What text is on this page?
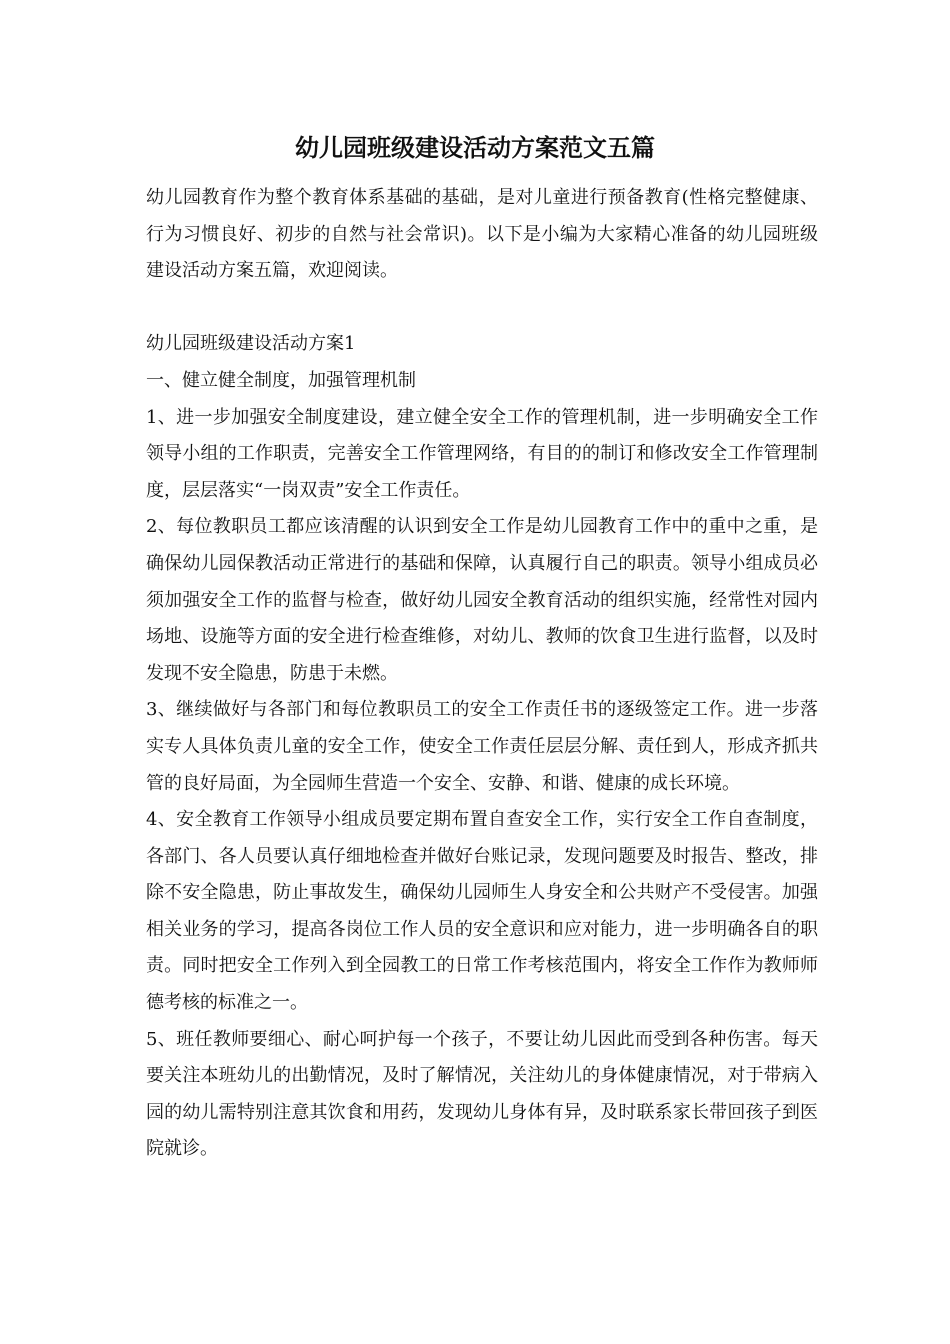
幼儿园班级建设活动方案范文五篇

幼儿园教育作为整个教育体系基础的基础，是对儿童进行预备教育(性格完整健康、行为习惯良好、初步的自然与社会常识)。以下是小编为大家精心准备的幼儿园班级建设活动方案五篇，欢迎阅读。

幼儿园班级建设活动方案1

一、健立健全制度，加强管理机制

1、进一步加强安全制度建设，建立健全安全工作的管理机制，进一步明确安全工作领导小组的工作职责，完善安全工作管理网络，有目的的制订和修改安全工作管理制度，层层落实“一岗双责”安全工作责任。

2、每位教职员工都应该清醒的认识到安全工作是幼儿园教育工作中的重中之重，是确保幼儿园保教活动正常进行的基础和保障，认真履行自己的职责。领导小组成员必须加强安全工作的监督与检查，做好幼儿园安全教育活动的组织实施，经常性对园内场地、设施等方面的安全进行检查维修，对幼儿、教师的饮食卫生进行监督，以及时发现不安全隐患，防患于未燃。

3、继续做好与各部门和每位教职员工的安全工作责任书的逐级签定工作。进一步落实专人具体负责儿童的安全工作，使安全工作责任层层分解、责任到人，形成齐抓共管的良好局面，为全园师生营造一个安全、安静、和谐、健康的成长环境。

4、安全教育工作领导小组成员要定期布置自查安全工作，实行安全工作自查制度，各部门、各人员要认真仔细地检查并做好台账记录，发现问题要及时报告、整改，排除不安全隐患，防止事故发生，确保幼儿园师生人身安全和公共财产不受侵害。加强相关业务的学习，提高各岗位工作人员的安全意识和应对能力，进一步明确各自的职责。同时把安全工作列入到全园教工的日常工作考核范围内，将安全工作作为教师师德考核的标准之一。

5、班任教师要细心、耐心呵护每一个孩子，不要让幼儿因此而受到各种伤害。每天要关注本班幼儿的出勤情况，及时了解情况，关注幼儿的身体健康情况，对于带病入园的幼儿需特别注意其饮食和用药，发现幼儿身体有异，及时联系家长带回孩子到医院就诊。
